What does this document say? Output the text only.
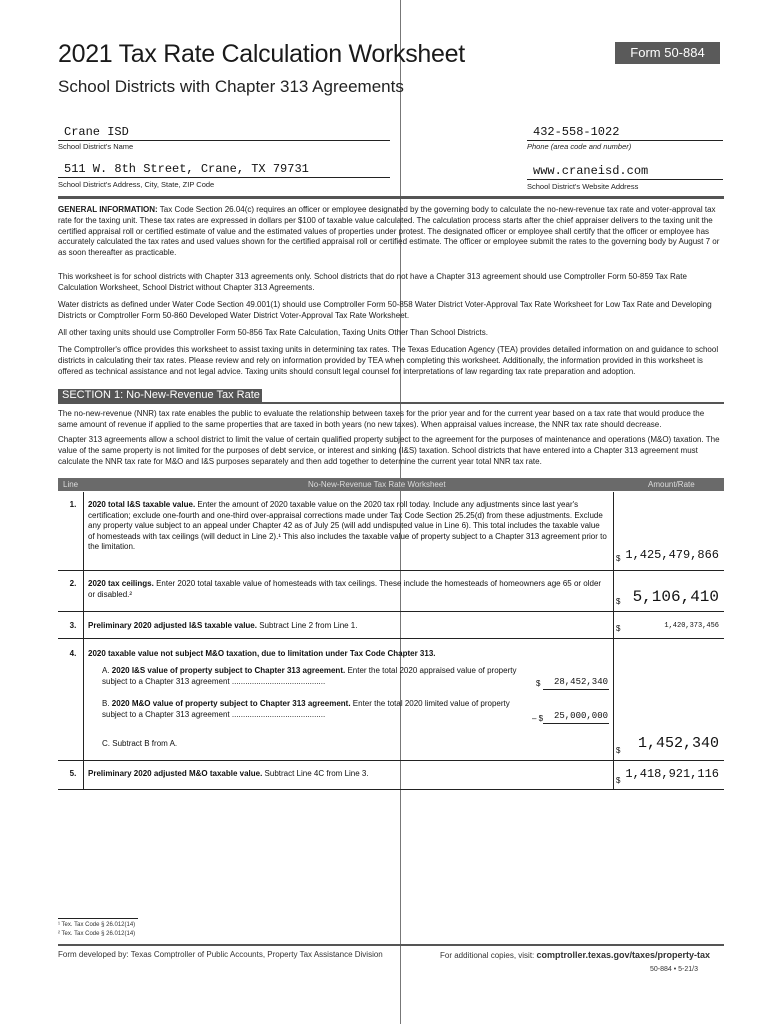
2021 Tax Rate Calculation Worksheet
School Districts with Chapter 313 Agreements
Form 50-884
Crane ISD
School District's Name
432-558-1022
Phone (area code and number)
511 W. 8th Street, Crane, TX 79731
School District's Address, City, State, ZIP Code
www.craneisd.com
School District's Website Address
GENERAL INFORMATION: Tax Code Section 26.04(c) requires an officer or employee designated by the governing body to calculate the no-new-revenue tax rate and voter-approval tax rate for the taxing unit. These tax rates are expressed in dollars per $100 of taxable value calculated. The calculation process starts after the chief appraiser delivers to the taxing unit the certified appraisal roll or certified estimate of value and the estimated values of properties under protest. The designated officer or employee shall certify that the officer or employee has accurately calculated the tax rates and used values shown for the certified appraisal roll or certified estimate. The officer or employee submit the rates to the governing body by August 7 or as soon thereafter as practicable.
This worksheet is for school districts with Chapter 313 agreements only. School districts that do not have a Chapter 313 agreement should use Comptroller Form 50-859 Tax Rate Calculation Worksheet, School District without Chapter 313 Agreements.
Water districts as defined under Water Code Section 49.001(1) should use Comptroller Form 50-858 Water District Voter-Approval Tax Rate Worksheet for Low Tax Rate and Developing Districts or Comptroller Form 50-860 Developed Water District Voter-Approval Tax Rate Worksheet.
All other taxing units should use Comptroller Form 50-856 Tax Rate Calculation, Taxing Units Other Than School Districts.
The Comptroller's office provides this worksheet to assist taxing units in determining tax rates. The Texas Education Agency (TEA) provides detailed information on and guidance to school districts in calculating their tax rates. Please review and rely on information provided by TEA when completing this worksheet. Additionally, the information provided in this worksheet is offered as technical assistance and not legal advice. Taxing units should consult legal counsel for interpretations of law regarding tax rate preparation and adoption.
SECTION 1: No-New-Revenue Tax Rate
The no-new-revenue (NNR) tax rate enables the public to evaluate the relationship between taxes for the prior year and for the current year based on a tax rate that would produce the same amount of revenue if applied to the same properties that are taxed in both years (no new taxes). When appraisal values increase, the NNR tax rate should decrease.
Chapter 313 agreements allow a school district to limit the value of certain qualified property subject to the agreement for the purposes of maintenance and operations (M&O) taxation. The value of the same property is not limited for the purposes of debt service, or interest and sinking (I&S) taxation. School districts that have entered into a Chapter 313 agreement must calculate the NNR tax rate for M&O and I&S purposes separately and then add together to determine the current year total NNR tax rate.
Line	No-New-Revenue Tax Rate Worksheet	Amount/Rate
1.	2020 total I&S taxable value. Enter the amount of 2020 taxable value on the 2020 tax roll today. Include any adjustments since last year's certification; exclude one-fourth and one-third over-appraisal corrections made under Tax Code Section 25.25(d) from these adjustments. Exclude any property value subject to an appeal under Chapter 42 as of July 25 (will add undisputed value in Line 6). This total includes the taxable value of homesteads with tax ceilings (will deduct in Line 2).¹ This also includes the taxable value of property subject to a Chapter 313 agreement prior to the limitation.
$ 1,425,479,866
2.	2020 tax ceilings. Enter 2020 total taxable value of homesteads with tax ceilings. These include the homesteads of homeowners age 65 or older or disabled.²
$ 5,106,410
3.	Preliminary 2020 adjusted I&S taxable value. Subtract Line 2 from Line 1.	$	1,420,373,456
4.	2020 taxable value not subject M&O taxation, due to limitation under Tax Code Chapter 313.
A. 2020 I&S value of property subject to Chapter 313 agreement. Enter the total 2020 appraised value of property subject to a Chapter 313 agreement ..........................................	$	28,452,340
B. 2020 M&O value of property subject to Chapter 313 agreement. Enter the total 2020 limited value of property subject to a Chapter 313 agreement ..........................................	– $	25,000,000
C. Subtract B from A.
$	1,452,340
5.	Preliminary 2020 adjusted M&O taxable value. Subtract Line 4C from Line 3.
$ 1,418,921,116
¹ Tex. Tax Code § 26.012(14)
² Tex. Tax Code § 26.012(14)
Form developed by: Texas Comptroller of Public Accounts, Property Tax Assistance Division	For additional copies, visit: comptroller.texas.gov/taxes/property-tax
50-884 • 5-21/3
